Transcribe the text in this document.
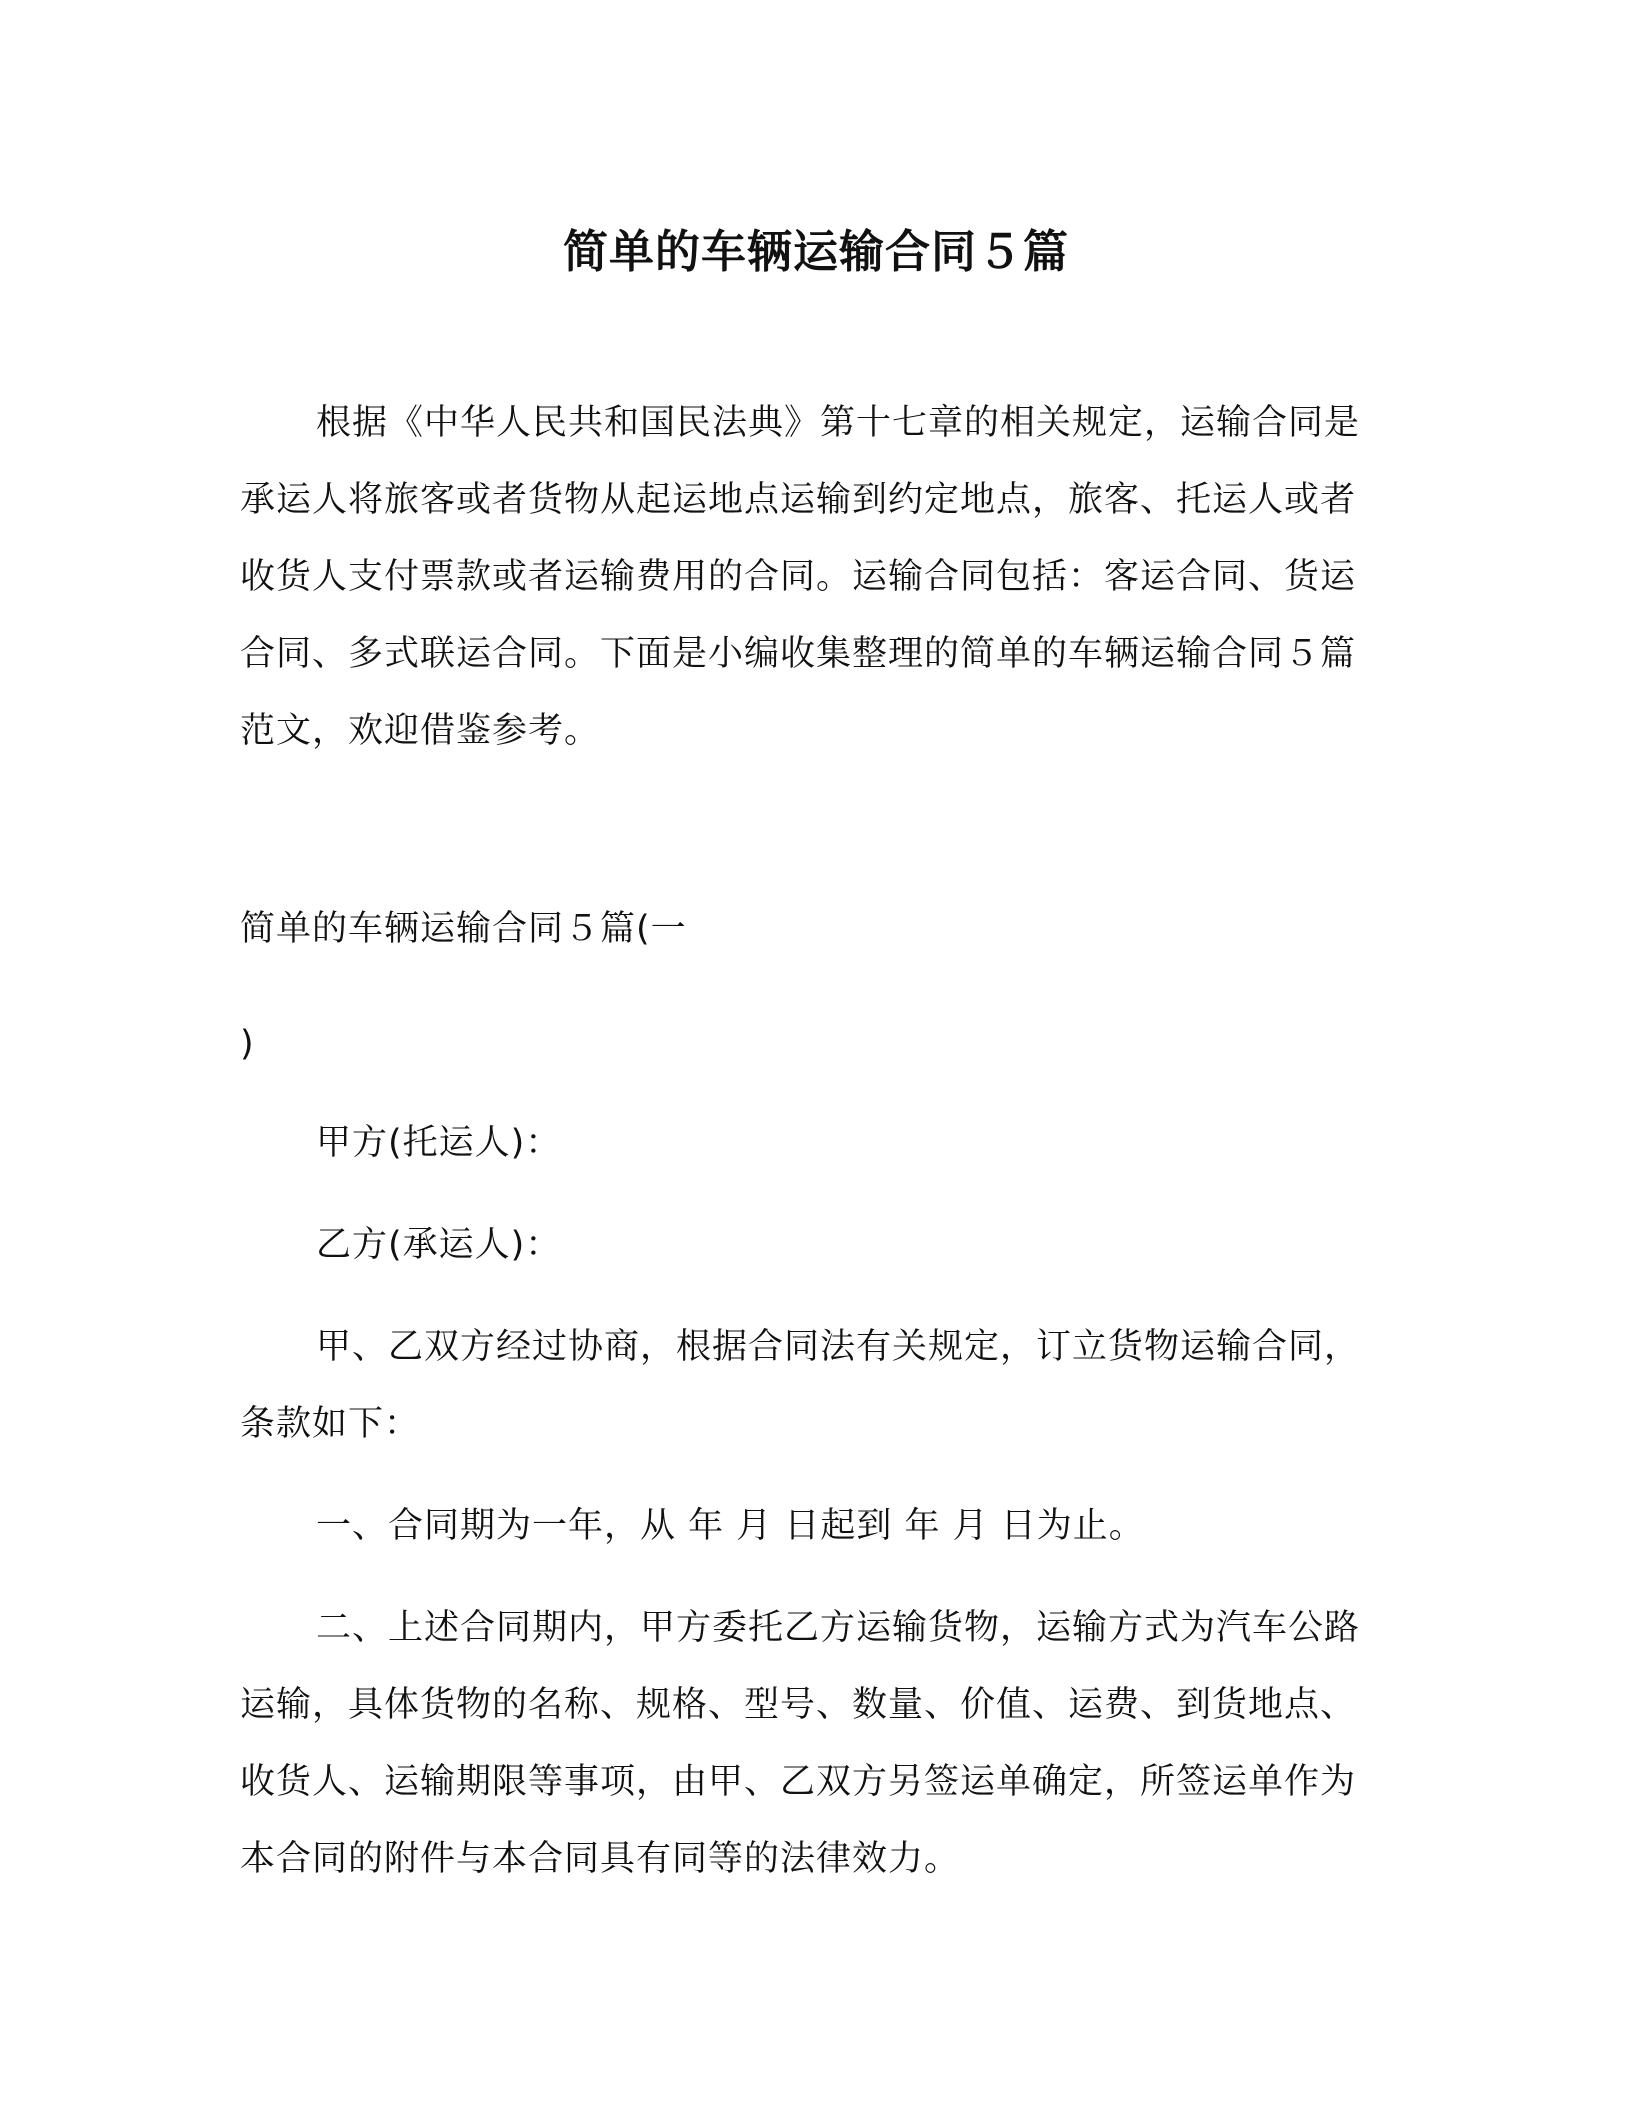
简单的车辆运输合同５篇

根据《中华人民共和国民法典》第十七章的相关规定，运输合同是承运人将旅客或者货物从起运地点运输到约定地点，旅客、托运人或者收货人支付票款或者运输费用的合同。运输合同包括：客运合同、货运合同、多式联运合同。下面是小编收集整理的简单的车辆运输合同５篇范文，欢迎借鉴参考。

简单的车辆运输合同５篇(一

)

甲方(托运人)：

乙方(承运人)：

甲、乙双方经过协商，根据合同法有关规定，订立货物运输合同，条款如下：

一、合同期为一年，从 年 月 日起到 年 月 日为止。

二、上述合同期内，甲方委托乙方运输货物，运输方式为汽车公路运输，具体货物的名称、规格、型号、数量、价值、运费、到货地点、收货人、运输期限等事项，由甲、乙双方另签运单确定，所签运单作为本合同的附件与本合同具有同等的法律效力。
